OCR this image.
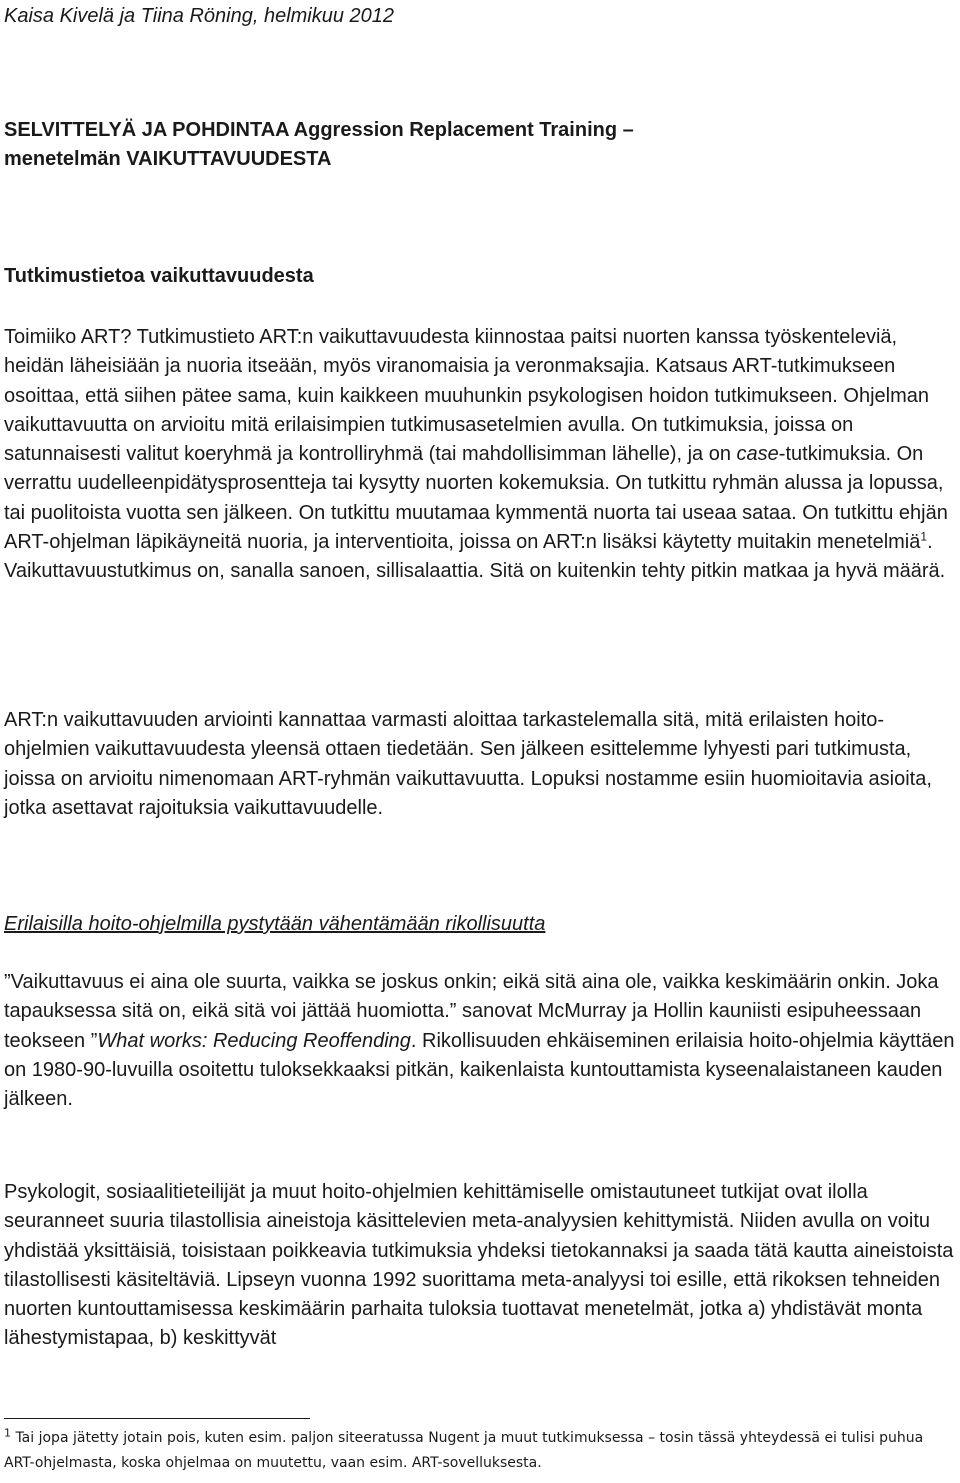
Kaisa Kivelä ja Tiina Röning, helmikuu 2012
SELVITTELYÄ JA POHDINTAA Aggression Replacement Training –
menetelmän VAIKUTTAVUUDESTA
Tutkimustietoa vaikuttavuudesta

Toimiiko ART? Tutkimustieto ART:n vaikuttavuudesta kiinnostaa paitsi nuorten kanssa työskenteleviä, heidän läheisiään ja nuoria itseään, myös viranomaisia ja veronmaksajia. Katsaus ART-tutkimukseen osoittaa, että siihen pätee sama, kuin kaikkeen muuhunkin psykologisen hoidon tutkimukseen. Ohjelman vaikuttavuutta on arvioitu mitä erilaisimpien tutkimusasetelmien avulla. On tutkimuksia, joissa on satunnaisesti valitut koeryhmä ja kontrolliryhmä (tai mahdollisimman lähelle), ja on case-tutkimuksia. On verrattu uudelleenpidätysprosentteja tai kysytty nuorten kokemuksia. On tutkittu ryhmän alussa ja lopussa, tai puolitoista vuotta sen jälkeen. On tutkittu muutamaa kymmentä nuorta tai useaa sataa. On tutkittu ehjän ART-ohjelman läpikäyneitä nuoria, ja interventioita, joissa on ART:n lisäksi käytetty muitakin menetelmiä$^1$. Vaikuttavuustutkimus on, sanalla sanoen, sillisalaattia. Sitä on kuitenkin tehty pitkin matkaa ja hyvä määrä.

ART:n vaikuttavuuden arviointi kannattaa varmasti aloittaa tarkastelemalla sitä, mitä erilaisten hoito-ohjelmien vaikuttavuudesta yleensä ottaen tiedetään. Sen jälkeen esittelemme lyhyesti pari tutkimusta, joissa on arvioitu nimenomaan ART-ryhmän vaikuttavuutta. Lopuksi nostamme esiin huomioitavia asioita, jotka asettavat rajoituksia vaikuttavuudelle.

Erilaisilla hoito-ohjelmilla pystytään vähentämään rikollisuutta

”Vaikuttavuus ei aina ole suurta, vaikka se joskus onkin; eikä sitä aina ole, vaikka keskimäärin onkin. Joka tapauksessa sitä on, eikä sitä voi jättää huomiotta.” sanovat McMurray ja Hollin kauniisti esipuheessaan teokseen ”What works: Reducing Reoffending. Rikollisuuden ehkäiseminen erilaisia hoito-ohjelmia käyttäen on 1980-90-luvuilla osoitettu tuloksekkaaksi pitkän, kaikenlaista kuntouttamista kyseenalaistaneen kauden jälkeen.

Psykologit, sosiaalitieteilijät ja muut hoito-ohjelmien kehittämiselle omistautuneet tutkijat ovat ilolla seuranneet suuria tilastollisia aineistoja käsittelevien meta-analyysien kehittymistä. Niiden avulla on voitu yhdistää yksittäisiä, toisistaan poikkeavia tutkimuksia yhdeksi tietokannaksi ja saada tätä kautta aineistoista tilastollisesti käsiteltäviä. Lipseyn vuonna 1992 suorittama meta-analyysi toi esille, että rikoksen tehneiden nuorten kuntouttamisessa keskimäärin parhaita tuloksia tuottavat menetelmät, jotka a) yhdistävät monta lähestymistapaa, b) keskittyvät

$^1$ Tai jopa jätetty jotain pois, kuten esim. paljon siteeratussa Nugent ja muut tutkimuksessa – tosin tässä yhteydessä ei tulisi puhua ART-ohjelmasta, koska ohjelmaa on muutettu, vaan esim. ART-sovelluksesta.
